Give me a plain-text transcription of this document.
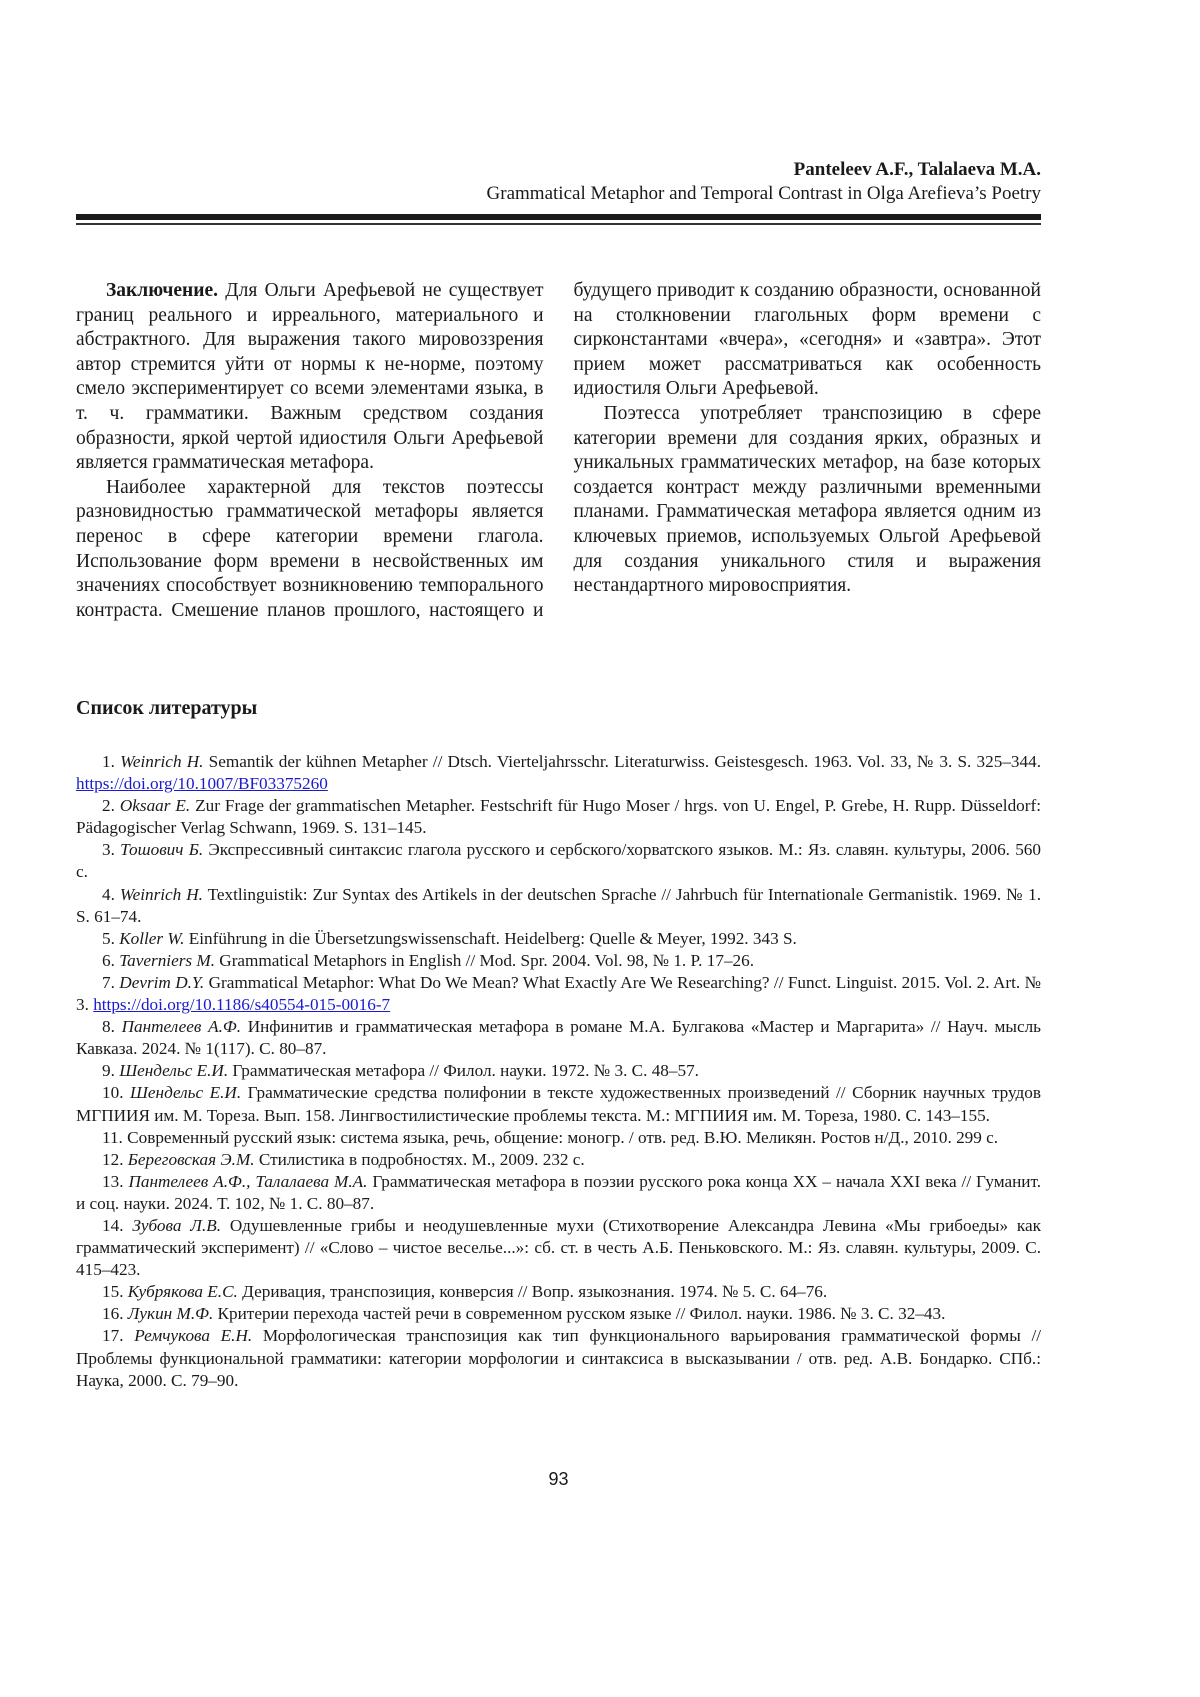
Panteleev A.F., Talalaeva M.A.
Grammatical Metaphor and Temporal Contrast in Olga Arefieva’s Poetry

Заключение. Для Ольги Арефьевой не существует границ реального и ирреального, материального и абстрактного. Для выражения такого мировоззрения автор стремится уйти от нормы к не-норме, поэтому смело экспериментирует со всеми элементами языка, в т. ч. грамматики. Важным средством создания образности, яркой чертой идиостиля Ольги Арефьевой является грамматическая метафора.

Наиболее характерной для текстов поэтессы разновидностью грамматической метафоры является перенос в сфере категории времени глагола. Использование форм времени в несвойственных им значениях способствует возникновению темпорального контраста. Смешение планов прошлого, настоящего и будущего приводит к созданию образности, основанной на столкновении глагольных форм времени с сирконстантами «вчера», «сегодня» и «завтра». Этот прием может рассматриваться как особенность идиостиля Ольги Арефьевой.

Поэтесса употребляет транспозицию в сфере категории времени для создания ярких, образных и уникальных грамматических метафор, на базе которых создается контраст между различными временными планами. Грамматическая метафора является одним из ключевых приемов, используемых Ольгой Арефьевой для создания уникального стиля и выражения нестандартного мировосприятия.

Список литературы

1. Weinrich H. Semantik der kühnen Metapher // Dtsch. Vierteljahrsschr. Literaturwiss. Geistesgesch. 1963. Vol. 33, № 3. S. 325–344. https://doi.org/10.1007/BF03375260

2. Oksaar E. Zur Frage der grammatischen Metapher. Festschrift für Hugo Moser / hrgs. von U. Engel, P. Grebe, H. Rupp. Düsseldorf: Pädagogischer Verlag Schwann, 1969. S. 131–145.

3. Тошович Б. Экспрессивный синтаксис глагола русского и сербского/хорватского языков. М.: Яз. славян. культуры, 2006. 560 с.

4. Weinrich H. Textlinguistik: Zur Syntax des Artikels in der deutschen Sprache // Jahrbuch für Internationale Germanistik. 1969. № 1. S. 61–74.

5. Koller W. Einführung in die Übersetzungswissenschaft. Heidelberg: Quelle & Meyer, 1992. 343 S.

6. Taverniers M. Grammatical Metaphors in English // Mod. Spr. 2004. Vol. 98, № 1. P. 17–26.

7. Devrim D.Y. Grammatical Metaphor: What Do We Mean? What Exactly Are We Researching? // Funct. Linguist. 2015. Vol. 2. Art. № 3. https://doi.org/10.1186/s40554-015-0016-7

8. Пантелеев А.Ф. Инфинитив и грамматическая метафора в романе М.А. Булгакова «Мастер и Маргарита» // Науч. мысль Кавказа. 2024. № 1(117). С. 80–87.

9. Шендельс Е.И. Грамматическая метафора // Филол. науки. 1972. № 3. С. 48–57.

10. Шендельс Е.И. Грамматические средства полифонии в тексте художественных произведений // Сборник научных трудов МГПИИЯ им. М. Тореза. Вып. 158. Лингвостилистические проблемы текста. М.: МГПИИЯ им. М. Тореза, 1980. С. 143–155.

11. Современный русский язык: система языка, речь, общение: моногр. / отв. ред. В.Ю. Меликян. Ростов н/Д., 2010. 299 с.

12. Береговская Э.М. Стилистика в подробностях. М., 2009. 232 с.

13. Пантелеев А.Ф., Талалаева М.А. Грамматическая метафора в поэзии русского рока конца XX – начала XXI века // Гуманит. и соц. науки. 2024. Т. 102, № 1. С. 80–87.

14. Зубова Л.В. Одушевленные грибы и неодушевленные мухи (Стихотворение Александра Левина «Мы грибоеды» как грамматический эксперимент) // «Слово – чистое веселье...»: сб. ст. в честь А.Б. Пеньковского. М.: Яз. славян. культуры, 2009. С. 415–423.

15. Кубрякова Е.С. Деривация, транспозиция, конверсия // Вопр. языкознания. 1974. № 5. С. 64–76.

16. Лукин М.Ф. Критерии перехода частей речи в современном русском языке // Филол. науки. 1986. № 3. С. 32–43.

17. Ремчукова Е.Н. Морфологическая транспозиция как тип функционального варьирования грамматической формы // Проблемы функциональной грамматики: категории морфологии и синтаксиса в высказывании / отв. ред. А.В. Бондарко. СПб.: Наука, 2000. С. 79–90.

93
